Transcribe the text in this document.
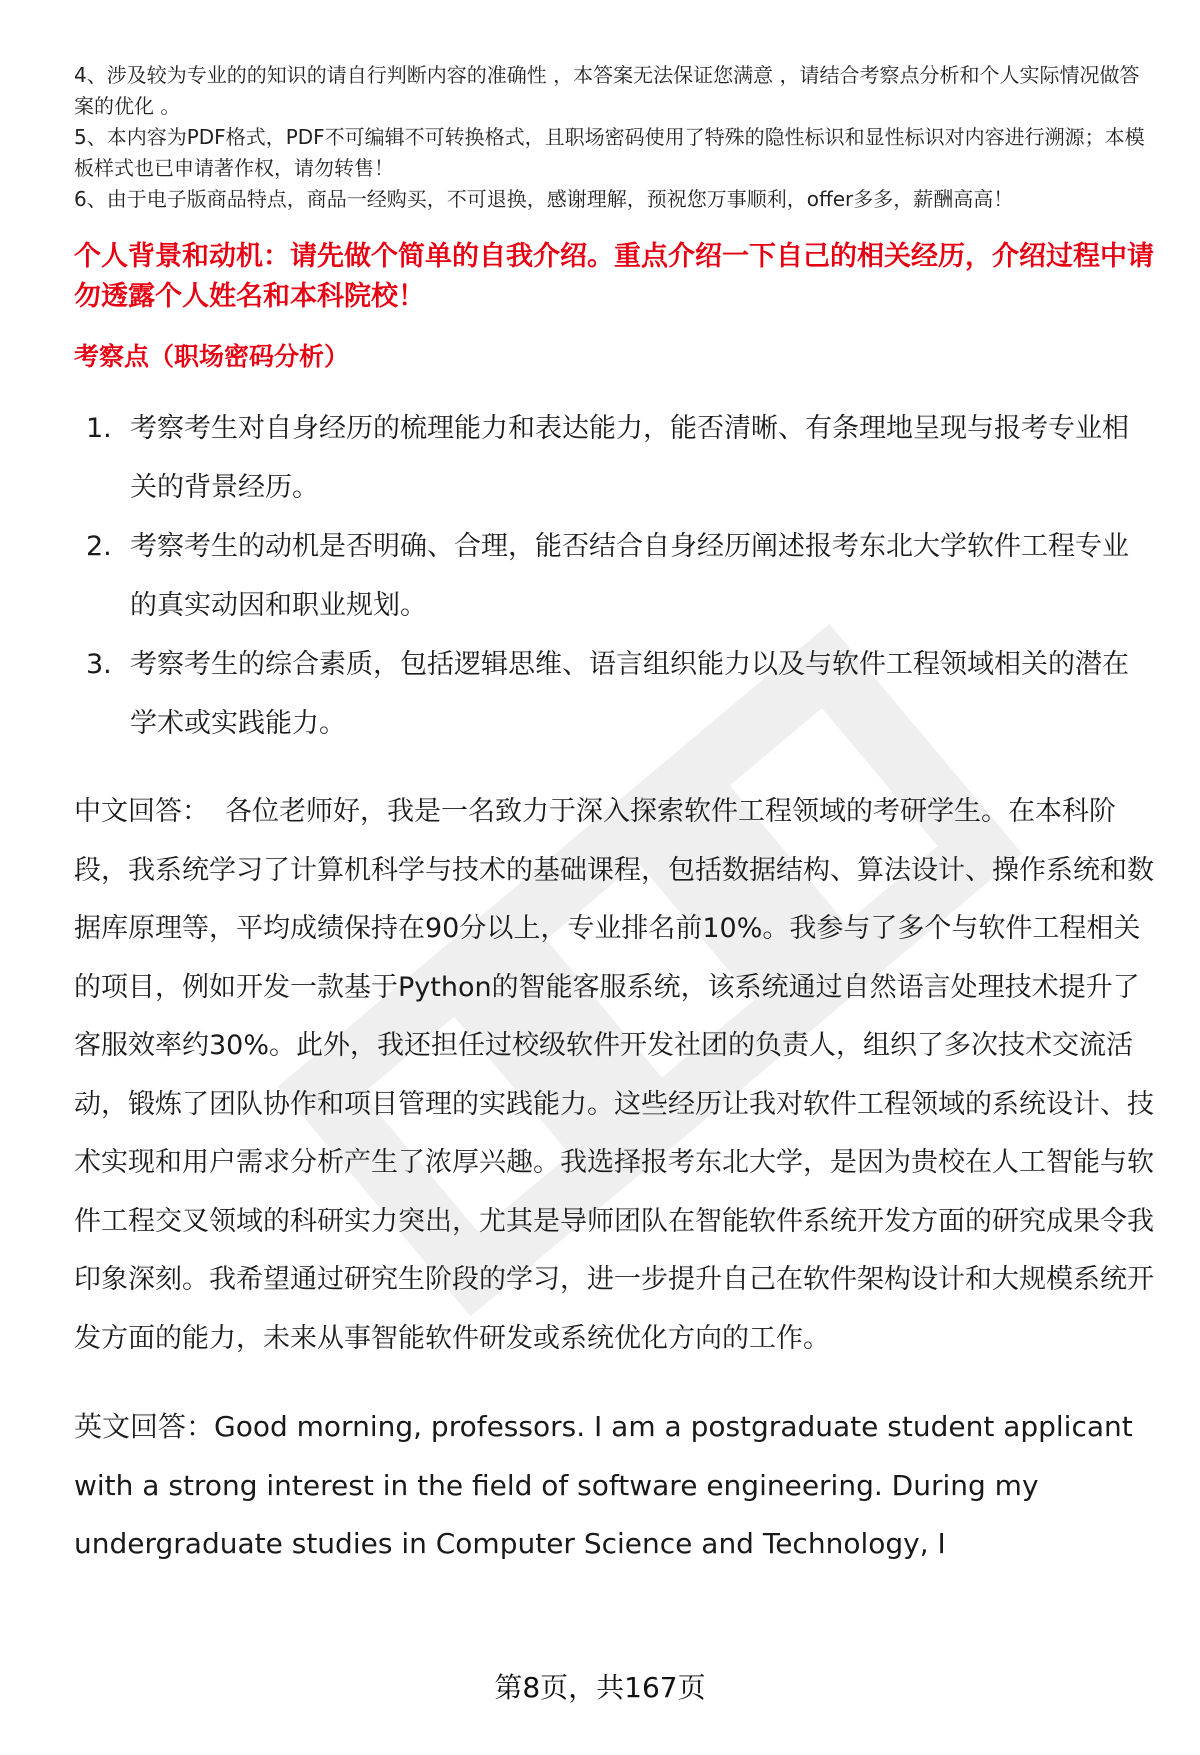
4、涉及较为专业的的知识的请自行判断内容的准确性 ，本答案无法保证您满意 ，请结合考察点分析和个人实际情况做答案的优化 。

5、本内容为PDF格式，PDF不可编辑不可转换格式，且职场密码使用了特殊的隐性标识和显性标识对内容进行溯源；本模板样式也已申请著作权，请勿转售！

6、由于电子版商品特点，商品一经购买，不可退换，感谢理解，预祝您万事顺利，offer多多，薪酬高高！

个人背景和动机：请先做个简单的自我介绍。重点介绍一下自己的相关经历，介绍过程中请勿透露个人姓名和本科院校！
考察点（职场密码分析）
1. 考察考生对自身经历的梳理能力和表达能力，能否清晰、有条理地呈现与报考专业相关的背景经历。
2. 考察考生的动机是否明确、合理，能否结合自身经历阐述报考东北大学软件工程专业的真实动因和职业规划。
3. 考察考生的综合素质，包括逻辑思维、语言组织能力以及与软件工程领域相关的潜在学术或实践能力。
中文回答： 各位老师好，我是一名致力于深入探索软件工程领域的考研学生。在本科阶段，我系统学习了计算机科学与技术的基础课程，包括数据结构、算法设计、操作系统和数据库原理等，平均成绩保持在90分以上，专业排名前10%。我参与了多个与软件工程相关的项目，例如开发一款基于Python的智能客服系统，该系统通过自然语言处理技术提升了客服效率约30%。此外，我还担任过校级软件开发社团的负责人，组织了多次技术交流活动，锻炼了团队协作和项目管理的实践能力。这些经历让我对软件工程领域的系统设计、技术实现和用户需求分析产生了浓厚兴趣。我选择报考东北大学，是因为贵校在人工智能与软件工程交叉领域的科研实力突出，尤其是导师团队在智能软件系统开发方面的研究成果令我印象深刻。我希望通过研究生阶段的学习，进一步提升自己在软件架构设计和大规模系统开发方面的能力，未来从事智能软件研发或系统优化方向的工作。
英文回答：Good morning, professors. I am a postgraduate student applicant with a strong interest in the field of software engineering. During my undergraduate studies in Computer Science and Technology, I
第8页，共167页
